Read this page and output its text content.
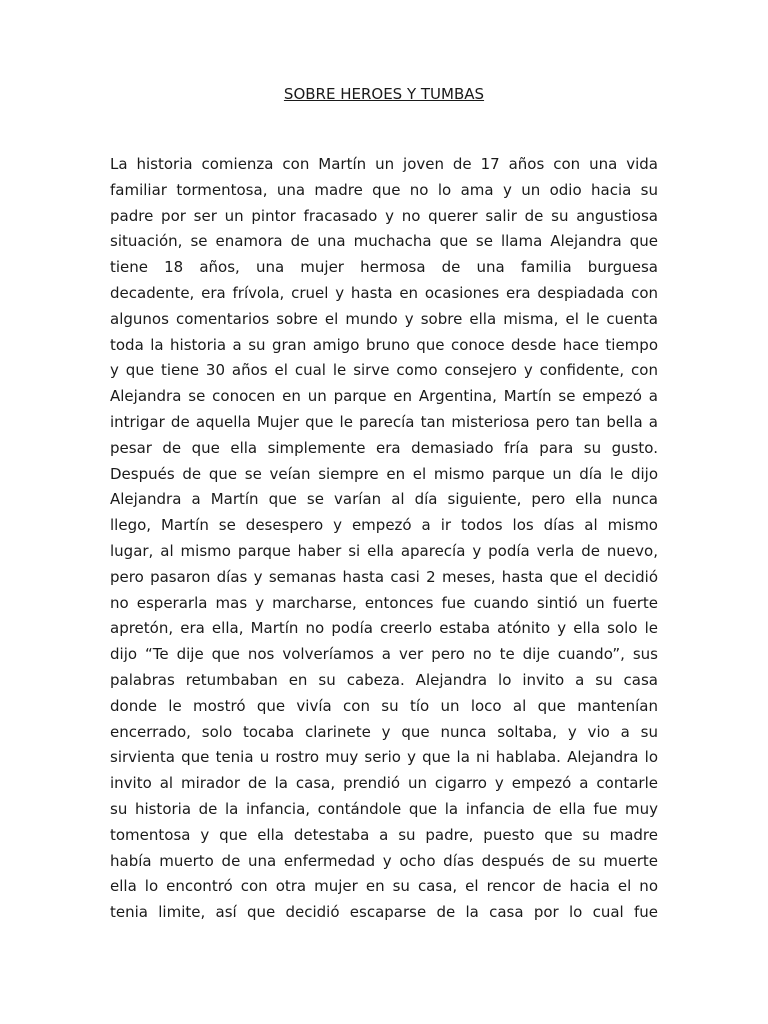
SOBRE HEROES Y TUMBAS
La historia comienza con Martín un joven de 17 años con una vida
familiar tormentosa, una madre que no lo ama y un odio hacia su
padre por ser un pintor fracasado y no querer salir de su angustiosa
situación, se enamora de una muchacha que se llama Alejandra que
tiene 18 años, una mujer hermosa de una familia burguesa
decadente, era frívola, cruel y hasta en ocasiones era despiadada con
algunos comentarios sobre el mundo y sobre ella misma, el le cuenta
toda la historia a su gran amigo bruno que conoce desde hace tiempo
y que tiene 30 años el cual le sirve como consejero y confidente, con
Alejandra se conocen en un parque en Argentina, Martín se empezó a
intrigar de aquella Mujer que le parecía tan misteriosa pero tan bella a
pesar de que ella simplemente era demasiado fría para su gusto.
Después de que se veían siempre en el mismo parque un día le dijo
Alejandra a Martín que se varían al día siguiente, pero ella nunca
llego, Martín se desespero y empezó a ir todos los días al mismo
lugar, al mismo parque haber si ella aparecía y podía verla de nuevo,
pero pasaron días y semanas hasta casi 2 meses, hasta que el decidió
no esperarla mas y marcharse, entonces fue cuando sintió un fuerte
apretón, era ella, Martín no podía creerlo estaba atónito y ella solo le
dijo “Te dije que nos volveríamos a ver pero no te dije cuando”, sus
palabras retumbaban en su cabeza. Alejandra lo invito a su casa
donde le mostró que vivía con su tío un loco al que mantenían
encerrado, solo tocaba clarinete y que nunca soltaba, y vio a su
sirvienta que tenia u rostro muy serio y que la ni hablaba. Alejandra lo
invito al mirador de la casa, prendió un cigarro y empezó a contarle
su historia de la infancia, contándole que la infancia de ella fue muy
tomentosa y que ella detestaba a su padre, puesto que su madre
había muerto de una enfermedad y ocho días después de su muerte
ella lo encontró con otra mujer en su casa, el rencor de hacia el no
tenia limite, así que decidió escaparse de la casa por lo cual fue
